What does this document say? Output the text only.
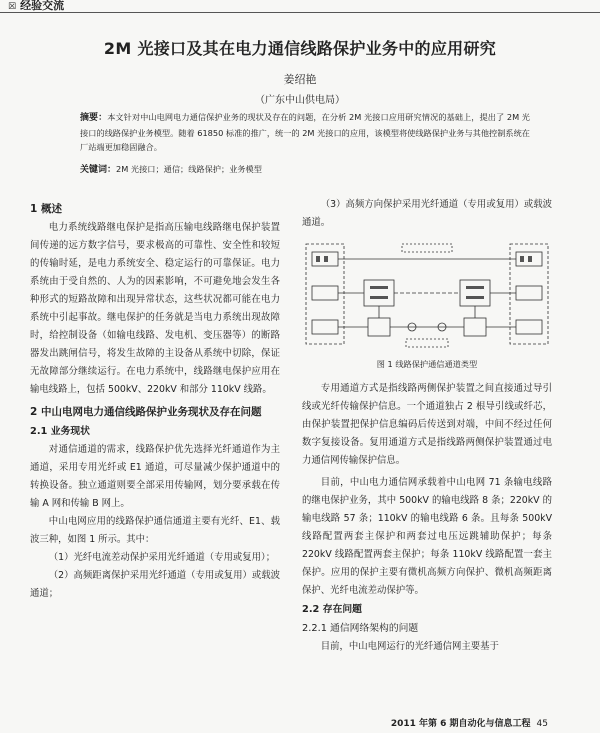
☒ 经验交流
2M 光接口及其在电力通信线路保护业务中的应用研究
姜绍艳
（广东中山供电局）
摘要：本文针对中山电网电力通信保护业务的现状及存在的问题，在分析 2M 光接口应用研究情况的基础上，提出了 2M 光接口的线路保护业务模型。随着 61850 标准的推广，统一的 2M 光接口的应用，该模型将使线路保护业务与其他控制系统在厂站端更加稳固融合。
关键词：2M 光接口；通信；线路保护；业务模型
1 概述

电力系统线路继电保护是指高压输电线路继电保护装置间传递的远方数字信号，要求极高的可靠性、安全性和较短的传输时延，是电力系统安全、稳定运行的可靠保证。电力系统由于受自然的、人为的因素影响，不可避免地会发生各种形式的短路故障和出现异常状态，这些状况都可能在电力系统中引起事故。继电保护的任务就是当电力系统出现故障时，给控制设备（如输电线路、发电机、变压器等）的断路器发出跳闸信号，将发生故障的主设备从系统中切除，保证无故障部分继续运行。在电力系统中，线路继电保护应用在输电线路上，包括 500kV、220kV 和部分 110kV 线路。

2 中山电网电力通信线路保护业务现状及存在问题
2.1 业务现状

对通信通道的需求，线路保护优先选择光纤通道作为主通道，采用专用光纤或 E1 通道，可尽量减少保护通道中的转换设备。独立通道则要全部采用传输网，划分要承载在传输 A 网和传输 B 网上。

中山电网应用的线路保护通信通道主要有光纤、E1、载波三种，如图 1 所示。其中：

（1）光纤电流差动保护采用光纤通道（专用或复用）；

（2）高频距离保护采用光纤通道（专用或复用）或载波通道；

（3）高频方向保护采用光纤通道（专用或复用）或载波通道。

图 1 线路保护通信通道类型

专用通道方式是指线路两侧保护装置之间直接通过导引线或光纤传输保护信息。一个通道独占 2 根导引线或纤芯，由保护装置把保护信息编码后传送到对端，中间不经过任何数字复接设备。复用通道方式是指线路两侧保护装置通过电力通信网传输保护信息。

目前，中山电力通信网承载着中山电网 71 条输电线路的继电保护业务，其中 500kV 的输电线路 8 条；220kV 的输电线路 57 条；110kV 的输电线路 6 条。且每条 500kV 线路配置两套主保护和两套过电压远跳辅助保护；每条 220kV 线路配置两套主保护；每条 110kV 线路配置一套主保护。应用的保护主要有微机高频方向保护、微机高频距离保护、光纤电流差动保护等。

2.2 存在问题
2.2.1 通信网络架构的问题

目前，中山电网运行的光纤通信网主要基于

2011 年第 6 期自动化与信息工程 45
